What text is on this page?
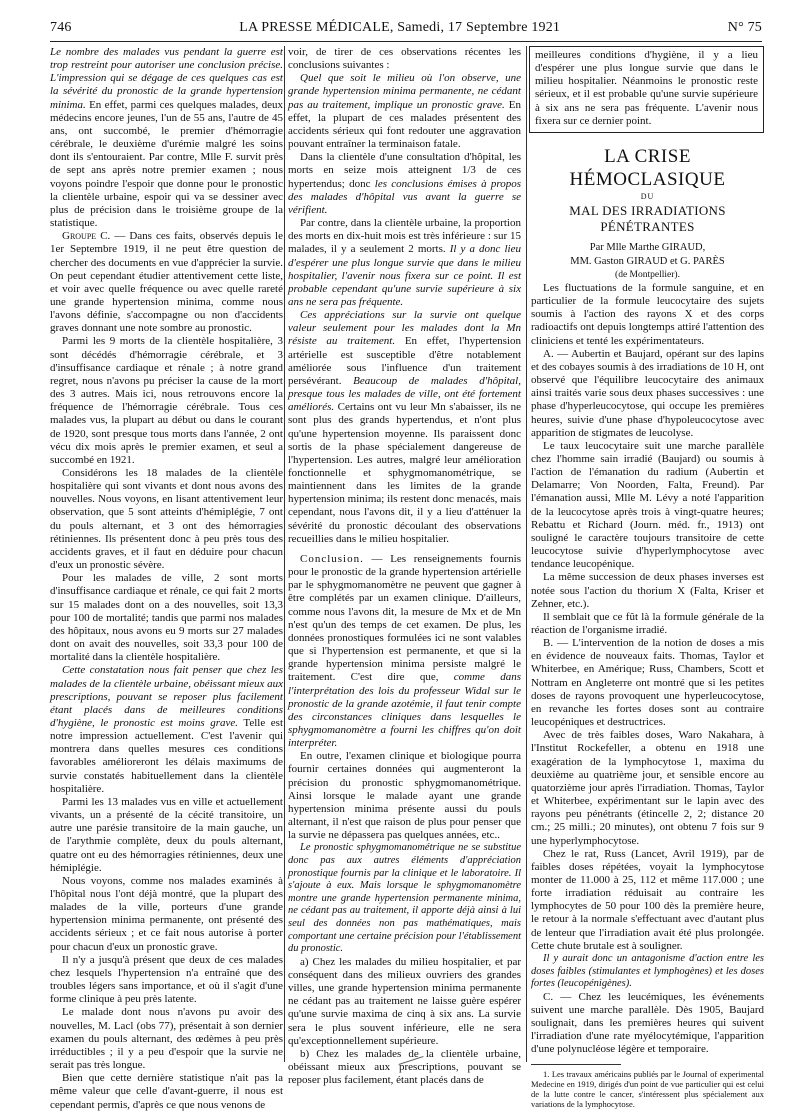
746	LA PRESSE MÉDICALE, Samedi, 17 Septembre 1921	N° 75

Le nombre des malades vus pendant la guerre est trop restreint pour autoriser une conclusion précise. L'impression qui se dégage de ces quelques cas est la sévérité du pronostic de la grande hypertension minima. En effet, parmi ces quelques malades, deux médecins encore jeunes, l'un de 55 ans, l'autre de 45 ans, ont succombé, le premier d'hémorragie cérébrale, le deuxième d'urémie malgré les soins dont ils s'entouraient. Par contre, Mlle F. survit près de sept ans après notre premier examen ; nous voyons poindre l'espoir que donne pour le pronostic la clientèle urbaine, espoir qui va se dessiner avec plus de précision dans le troisième groupe de la statistique.

Groupe C. — Dans ces faits, observés depuis le 1er Septembre 1919, il ne peut être question de chercher des documents en vue d'apprécier la survie. On peut cependant étudier attentivement cette liste, et voir avec quelle fréquence ou avec quelle rareté une grande hypertension minima, comme nous l'avons définie, s'accompagne ou non d'accidents graves donnant une note sombre au pronostic.

Parmi les 9 morts de la clientèle hospitalière, 3 sont décédés d'hémorragie cérébrale, et 3 d'insuffisance cardiaque et rénale ; à notre grand regret, nous n'avons pu préciser la cause de la mort des 3 autres. Mais ici, nous retrouvons encore la fréquence de l'hémorragie cérébrale. Tous ces malades vus, la plupart au début ou dans le courant de 1920, sont presque tous morts dans l'année, 2 ont vécu dix mois après le premier examen, et seul a succombé en 1921.

Considérons les 18 malades de la clientèle hospitalière qui sont vivants et dont nous avons des nouvelles. Nous voyons, en lisant attentivement leur observation, que 5 sont atteints d'hémiplégie, 7 ont du pouls alternant, et 3 ont des hémorragies rétiniennes. Ils présentent donc à peu près tous des accidents graves, et il faut en déduire pour chacun d'eux un pronostic sévère.

Pour les malades de ville, 2 sont morts d'insuffisance cardiaque et rénale, ce qui fait 2 morts sur 15 malades dont on a des nouvelles, soit 13,3 pour 100 de mortalité; tandis que parmi nos malades des hôpitaux, nous avons eu 9 morts sur 27 malades dont on avait des nouvelles, soit 33,3 pour 100 de mortalité dans la clientèle hospitalière.

Cette constatation nous fait penser que chez les malades de la clientèle urbaine, obéissant mieux aux prescriptions, pouvant se reposer plus facilement étant placés dans de meilleures conditions d'hygiène, le pronostic est moins grave. Telle est notre impression actuellement. C'est l'avenir qui montrera dans quelles mesures ces conditions favorables amélioreront les délais maximums de survie constatés habituellement dans la clientèle hospitalière.

Parmi les 13 malades vus en ville et actuellement vivants, un a présenté de la cécité transitoire, un autre une parésie transitoire de la main gauche, un de l'arythmie complète, deux du pouls alternant, quatre ont eu des hémorragies rétiniennes, deux une hémiplégie.

Nous voyons, comme nos malades examinés à l'hôpital nous l'ont déjà montré, que la plupart des malades de la ville, porteurs d'une grande hypertension minima permanente, ont présenté des accidents sérieux ; et ce fait nous autorise à porter pour chacun d'eux un pronostic grave.

Il n'y a jusqu'à présent que deux de ces malades chez lesquels l'hypertension n'a entraîné que des troubles légers sans importance, et où il s'agit d'une forme clinique à peu près latente.

Le malade dont nous n'avons pu avoir des nouvelles, M. Lacl (obs 77), présentait à son dernier examen du pouls alternant, des œdèmes à peu près irréductibles ; il y a peu d'espoir que la survie ne serait pas très longue.

Bien que cette dernière statistique n'ait pas la même valeur que celle d'avant-guerre, il nous est cependant permis, d'après ce que nous venons de

voir, de tirer de ces observations récentes les conclusions suivantes :

Quel que soit le milieu où l'on observe, une grande hypertension minima permanente, ne cédant pas au traitement, implique un pronostic grave. En effet, la plupart de ces malades présentent des accidents sérieux qui font redouter une aggravation pouvant entraîner la terminaison fatale.

Dans la clientèle d'une consultation d'hôpital, les morts en seize mois atteignent 1/3 de ces hypertendus; donc les conclusions émises à propos des malades d'hôpital vus avant la guerre se vérifient.

Par contre, dans la clientèle urbaine, la proportion des morts en dix-huit mois est très inférieure : sur 15 malades, il y a seulement 2 morts. Il y a donc lieu d'espérer une plus longue survie que dans le milieu hospitalier, l'avenir nous fixera sur ce point. Il est probable cependant qu'une survie supérieure à six ans ne sera pas fréquente.

Ces appréciations sur la survie ont quelque valeur seulement pour les malades dont la Mn résiste au traitement. En effet, l'hypertension artérielle est susceptible d'être notablement améliorée sous l'influence d'un traitement persévérant. Beaucoup de malades d'hôpital, presque tous les malades de ville, ont été fortement améliorés. Certains ont vu leur Mn s'abaisser, ils ne sont plus des grands hypertendus, et n'ont plus qu'une hypertension moyenne. Ils paraissent donc sortis de la phase spécialement dangereuse de l'hypertension. Les autres, malgré leur amélioration fonctionnelle et sphygmomanométrique, se maintiennent dans les limites de la grande hypertension minima; ils restent donc menacés, mais cependant, nous l'avons dit, il y a lieu d'atténuer la sévérité du pronostic découlant des observations recueillies dans le milieu hospitalier.

Conclusion. — Les renseignements fournis pour le pronostic de la grande hypertension artérielle par le sphygmomanomètre ne peuvent que gagner à être complétés par un examen clinique. D'ailleurs, comme nous l'avons dit, la mesure de Mx et de Mn n'est qu'un des temps de cet examen. De plus, les données pronostiques formulées ici ne sont valables que si l'hypertension est permanente, et que si la grande hypertension minima persiste malgré le traitement. C'est dire que, comme dans l'interprétation des lois du professeur Widal sur le pronostic de la grande azotémie, il faut tenir compte des circonstances cliniques dans lesquelles le sphygmomanomètre a fourni les chiffres qu'on doit interpréter.

En outre, l'examen clinique et biologique pourra fournir certaines données qui augmenteront la précision du pronostic sphygmomanométrique. Ainsi lorsque le malade ayant une grande hypertension minima présente aussi du pouls alternant, il n'est que raison de plus pour penser que la survie ne dépassera pas quelques années, etc..

Le pronostic sphygmomanométrique ne se substitue donc pas aux autres éléments d'appréciation pronostique fournis par la clinique et le laboratoire. Il s'ajoute à eux. Mais lorsque le sphygmomanomètre montre une grande hypertension permanente minima, ne cédant pas au traitement, il apporte déjà ainsi à lui seul des données non pas mathématiques, mais comportant une certaine précision pour l'établissement du pronostic.

a) Chez les malades du milieu hospitalier, et par conséquent dans des milieux ouvriers des grandes villes, une grande hypertension minima permanente ne cédant pas au traitement ne laisse guère espérer qu'une survie maxima de cinq à six ans. La survie sera le plus souvent inférieure, elle ne sera qu'exceptionnellement supérieure.

b) Chez les malades de la clientèle urbaine, obéissant mieux aux prescriptions, pouvant se reposer plus facilement, étant placés dans de

meilleures conditions d'hygiène, il y a lieu d'espérer une plus longue survie que dans le milieu hospitalier. Néanmoins le pronostic reste sérieux, et il est probable qu'une survie supérieure à six ans ne sera pas fréquente. L'avenir nous fixera sur ce dernier point.

LA CRISE HÉMOCLASIQUE
DU
MAL DES IRRADIATIONS PÉNÉTRANTES

Par Mlle Marthe GIRAUD,

MM. Gaston GIRAUD et G. PARÈS

(de Montpellier).

Les fluctuations de la formule sanguine, et en particulier de la formule leucocytaire des sujets soumis à l'action des rayons X et des corps radioactifs ont depuis longtemps attiré l'attention des cliniciens et tenté les expérimentateurs.

A. — Aubertin et Baujard, opérant sur des lapins et des cobayes soumis à des irradiations de 10 H, ont observé que l'équilibre leucocytaire des animaux ainsi traités varie sous deux phases successives : une phase d'hyperleucocytose, qui occupe les premières heures, suivie d'une phase d'hypoleucocytose avec apparition de stigmates de leucolyse.

Le taux leucocytaire suit une marche parallèle chez l'homme sain irradié (Baujard) ou soumis à l'action de l'émanation du radium (Aubertin et Delamarre; Von Noorden, Falta, Freund). Par l'émanation aussi, Mlle M. Lévy a noté l'apparition de la leucocytose après trois à vingt-quatre heures; Rebattu et Richard (Journ. méd. fr., 1913) ont souligné le caractère toujours transitoire de cette leucocytose suivie d'hyperlymphocytose avec tendance leucopénique.

La même succession de deux phases inverses est notée sous l'action du thorium X (Falta, Kriser et Zehner, etc.).

Il semblait que ce fût là la formule générale de la réaction de l'organisme irradié.

B. — L'intervention de la notion de doses a mis en évidence de nouveaux faits. Thomas, Taylor et Whiterbee, en Amérique; Russ, Chambers, Scott et Nottram en Angleterre ont montré que si les petites doses de rayons provoquent une hyperleucocytose, en revanche les fortes doses sont au contraire leucopéniques et destructrices.

Avec de très faibles doses, Waro Nakahara, à l'Institut Rockefeller, a obtenu en 1918 une exagération de la lymphocytose 1, maxima du deuxième au quatrième jour, et sensible encore au quatorzième jour après l'irradiation. Thomas, Taylor et Whiterbee, expérimentant sur le lapin avec des rayons peu pénétrants (étincelle 2, 2; distance 20 cm.; 25 milli.; 20 minutes), ont obtenu 7 fois sur 9 une hyperlymphocytose.

Chez le rat, Russ (Lancet, Avril 1919), par de faibles doses répétées, voyait la lymphocytose monter de 11.000 à 25, 112 et même 117.000 ; une forte irradiation réduisait au contraire les lymphocytes de 50 pour 100 dès la première heure, le retour à la normale s'effectuant avec d'autant plus de lenteur que l'irradiation avait été plus prolongée. Cette chute brutale est à souligner.

Il y aurait donc un antagonisme d'action entre les doses faibles (stimulantes et lymphogènes) et les doses fortes (leucopénigènes).

C. — Chez les leucémiques, les événements suivent une marche parallèle. Dès 1905, Baujard soulignait, dans les premières heures qui suivent l'irradiation d'une rate myélocytémique, l'apparition d'une polynucléose légère et temporaire.

1. Les travaux américains publiés par le Journal of experimental Medecine en 1919, dirigés d'un point de vue particulier qui est celui de la lutte contre le cancer, s'intéressent plus spécialement aux variations de la lymphocytose.
